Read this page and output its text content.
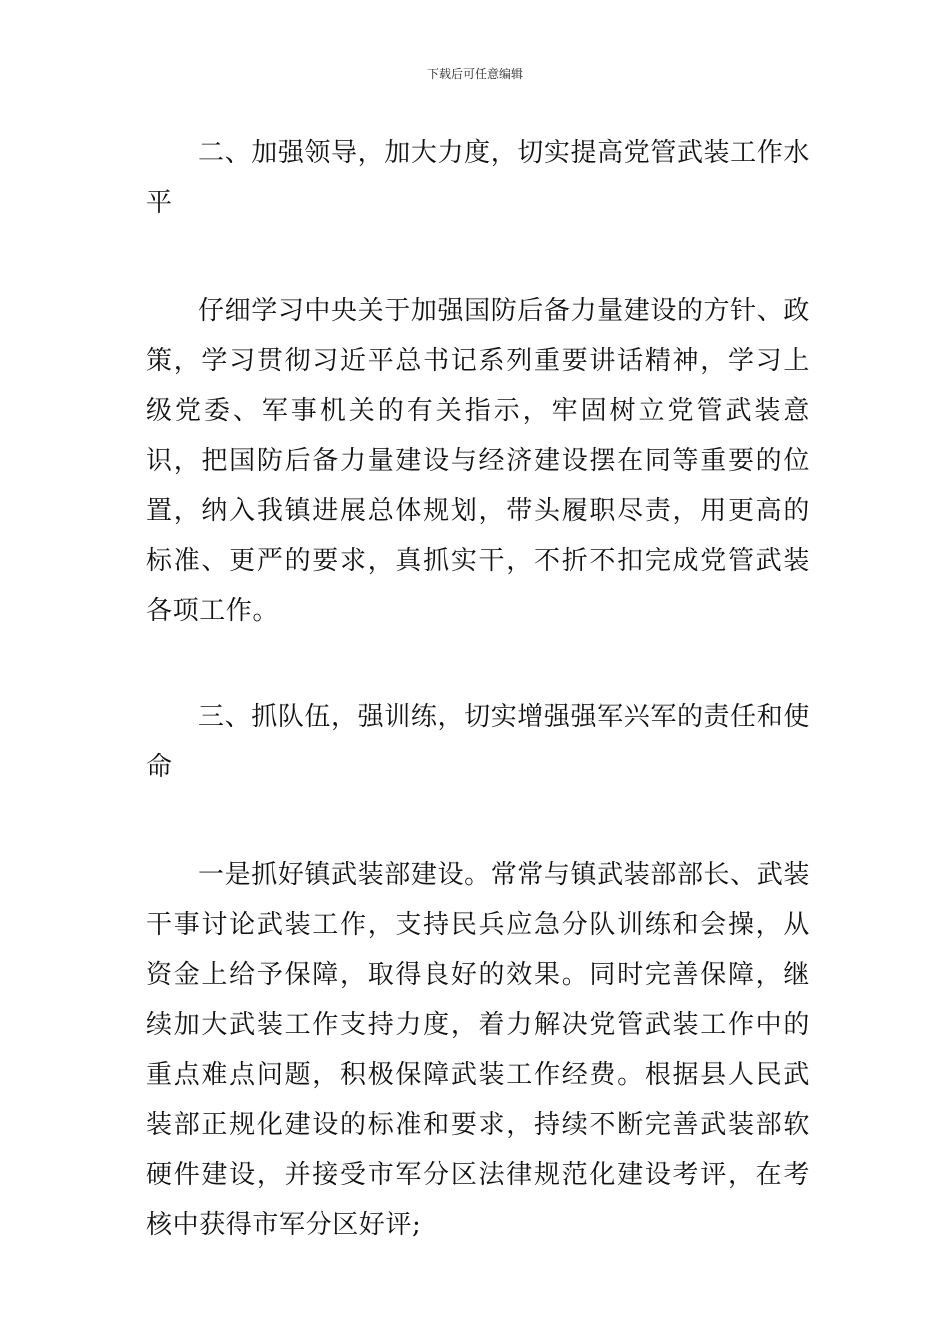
下载后可任意编辑

二、加强领导，加大力度，切实提高党管武装工作水平

仔细学习中央关于加强国防后备力量建设的方针、政策，学习贯彻习近平总书记系列重要讲话精神，学习上级党委、军事机关的有关指示，牢固树立党管武装意识，把国防后备力量建设与经济建设摆在同等重要的位置，纳入我镇进展总体规划，带头履职尽责，用更高的标准、更严的要求，真抓实干，不折不扣完成党管武装各项工作。

三、抓队伍，强训练，切实增强强军兴军的责任和使命

一是抓好镇武装部建设。常常与镇武装部部长、武装干事讨论武装工作，支持民兵应急分队训练和会操，从资金上给予保障，取得良好的效果。同时完善保障，继续加大武装工作支持力度，着力解决党管武装工作中的重点难点问题，积极保障武装工作经费。根据县人民武装部正规化建设的标准和要求，持续不断完善武装部软硬件建设，并接受市军分区法律规范化建设考评，在考核中获得市军分区好评;
